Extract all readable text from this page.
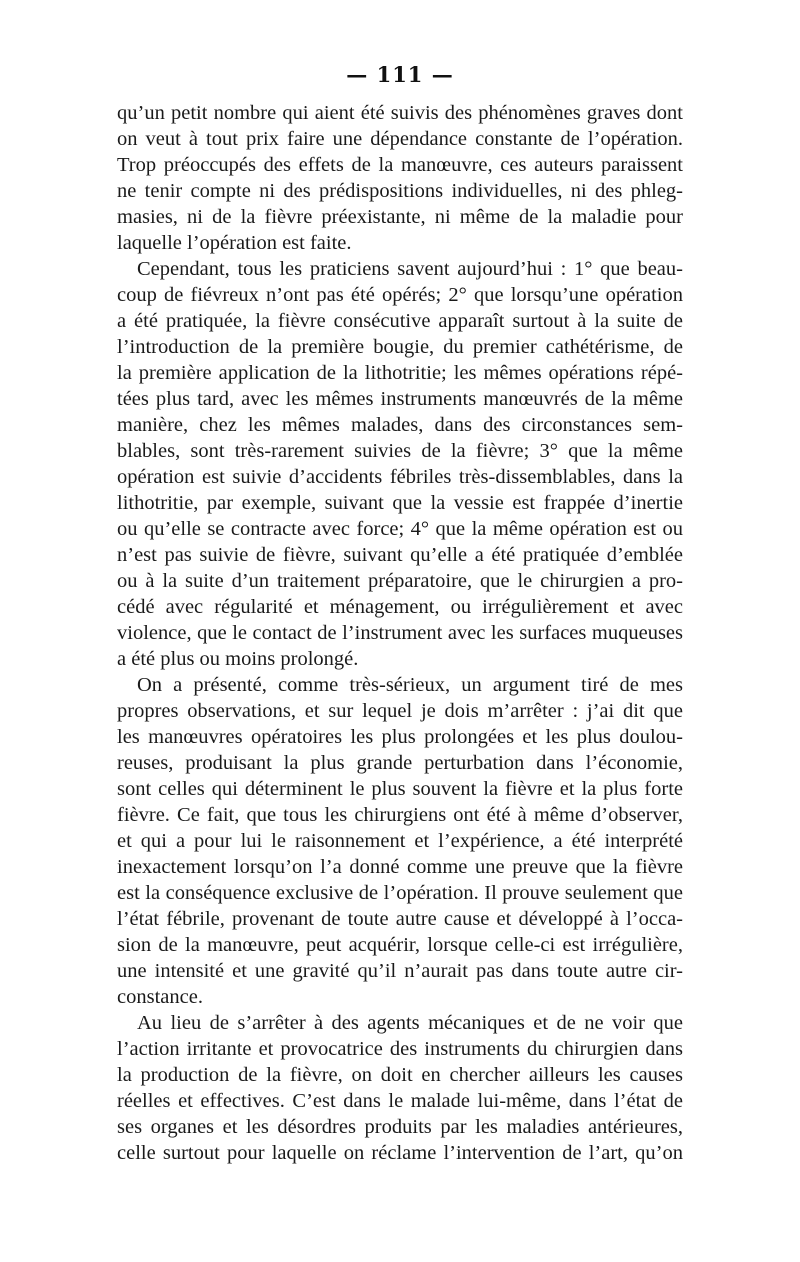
— 111 —
qu’un petit nombre qui aient été suivis des phénomènes graves dont
on veut à tout prix faire une dépendance constante de l’opération.
Trop préoccupés des effets de la manœuvre, ces auteurs paraissent
ne tenir compte ni des prédispositions individuelles, ni des phleg-
masies, ni de la fièvre préexistante, ni même de la maladie pour
laquelle l’opération est faite.
Cependant, tous les praticiens savent aujourd’hui : 1° que beau-
coup de fiévreux n’ont pas été opérés; 2° que lorsqu’une opération
a été pratiquée, la fièvre consécutive apparaît surtout à la suite de
l’introduction de la première bougie, du premier cathétérisme, de
la première application de la lithotritie; les mêmes opérations répé-
tées plus tard, avec les mêmes instruments manœuvrés de la même
manière, chez les mêmes malades, dans des circonstances sem-
blables, sont très-rarement suivies de la fièvre; 3° que la même
opération est suivie d’accidents fébriles très-dissemblables, dans la
lithotritie, par exemple, suivant que la vessie est frappée d’inertie
ou qu’elle se contracte avec force; 4° que la même opération est ou
n’est pas suivie de fièvre, suivant qu’elle a été pratiquée d’emblée
ou à la suite d’un traitement préparatoire, que le chirurgien a pro-
cédé avec régularité et ménagement, ou irrégulièrement et avec
violence, que le contact de l’instrument avec les surfaces muqueuses
a été plus ou moins prolongé.
On a présenté, comme très-sérieux, un argument tiré de mes
propres observations, et sur lequel je dois m’arrêter : j’ai dit que
les manœuvres opératoires les plus prolongées et les plus doulou-
reuses, produisant la plus grande perturbation dans l’économie,
sont celles qui déterminent le plus souvent la fièvre et la plus forte
fièvre. Ce fait, que tous les chirurgiens ont été à même d’observer,
et qui a pour lui le raisonnement et l’expérience, a été interprété
inexactement lorsqu’on l’a donné comme une preuve que la fièvre
est la conséquence exclusive de l’opération. Il prouve seulement que
l’état fébrile, provenant de toute autre cause et développé à l’occa-
sion de la manœuvre, peut acquérir, lorsque celle-ci est irrégulière,
une intensité et une gravité qu’il n’aurait pas dans toute autre cir-
constance.
Au lieu de s’arrêter à des agents mécaniques et de ne voir que
l’action irritante et provocatrice des instruments du chirurgien dans
la production de la fièvre, on doit en chercher ailleurs les causes
réelles et effectives. C’est dans le malade lui-même, dans l’état de
ses organes et les désordres produits par les maladies antérieures,
celle surtout pour laquelle on réclame l’intervention de l’art, qu’on
